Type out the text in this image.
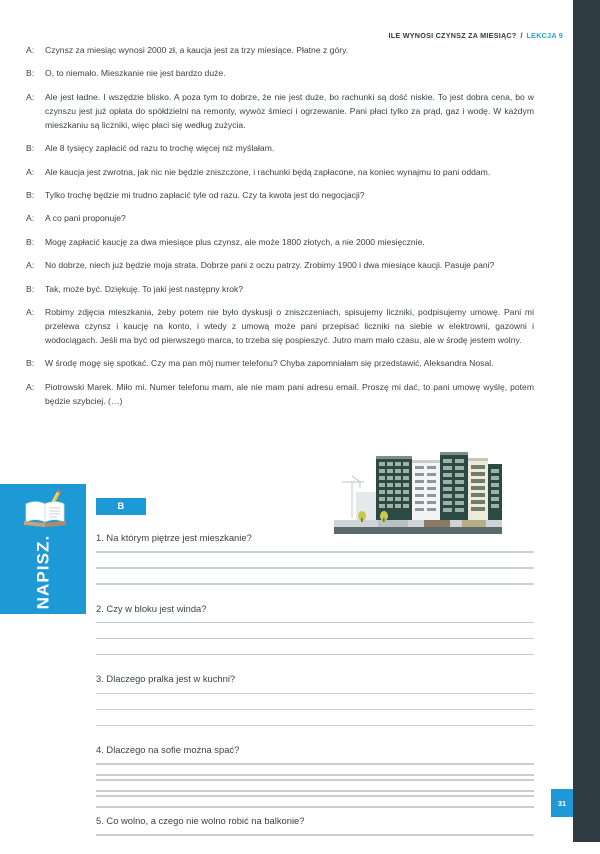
ILE WYNOSI CZYNSZ ZA MIESIĄC? / LEKCJA 9
A:	Czynsz za miesiąc wynosi 2000 zł, a kaucja jest za trzy miesiące. Płatne z góry.
B:	O, to niemało. Mieszkanie nie jest bardzo duże.
A:	Ale jest ładne. I wszędzie blisko. A poza tym to dobrze, że nie jest duże, bo rachunki są dość niskie. To jest dobra cena, bo w czynszu jest już opłata do spółdzielni na remonty, wywóz śmieci i ogrzewanie. Pani płaci tylko za prąd, gaz i wodę. W każdym mieszkaniu są liczniki, więc płaci się według zużycia.
B:	Ale 8 tysięcy zapłacić od razu to trochę więcej niż myślałam.
A:	Ale kaucja jest zwrotna, jak nic nie będzie zniszczone, i rachunki będą zapłacone, na koniec wynajmu to pani oddam.
B:	Tylko trochę będzie mi trudno zapłacić tyle od razu. Czy ta kwota jest do negocjacji?
A:	A co pani proponuje?
B:	Mogę zapłacić kaucję za dwa miesiące plus czynsz, ale może 1800 złotych, a nie 2000 miesięcznie.
A:	No dobrze, niech już będzie moja strata. Dobrze pani z oczu patrzy. Zrobimy 1900 i dwa miesiące kaucji. Pasuje pani?
B:	Tak, może być. Dziękuję. To jaki jest następny krok?
A:	Robimy zdjęcia mieszkania, żeby potem nie było dyskusji o zniszczeniach, spisujemy liczniki, podpisujemy umowę. Pani mi przelewa czynsz i kaucję na konto, i wtedy z umową może pani przepisać liczniki na siebie w elektrowni, gazowni i wodociągach. Jeśli ma być od pierwszego marca, to trzeba się pospieszyć. Jutro mam mało czasu, ale w środę jestem wolny.
B:	W środę mogę się spotkać. Czy ma pan mój numer telefonu? Chyba zapomniałam się przedstawić, Aleksandra Nosal.
A:	Piotrowski Marek. Miło mi. Numer telefonu mam, ale nie mam pani adresu email. Proszę mi dać, to pani umowę wyślę, potem będzie szybciej. (…)
NAPISZ.
B
1. Na którym piętrze jest mieszkanie?
2. Czy w bloku jest winda?
3. Dlaczego pralka jest w kuchni?
4. Dlaczego na sofie można spać?
5. Co wolno, a czego nie wolno robić na balkonie?
31
